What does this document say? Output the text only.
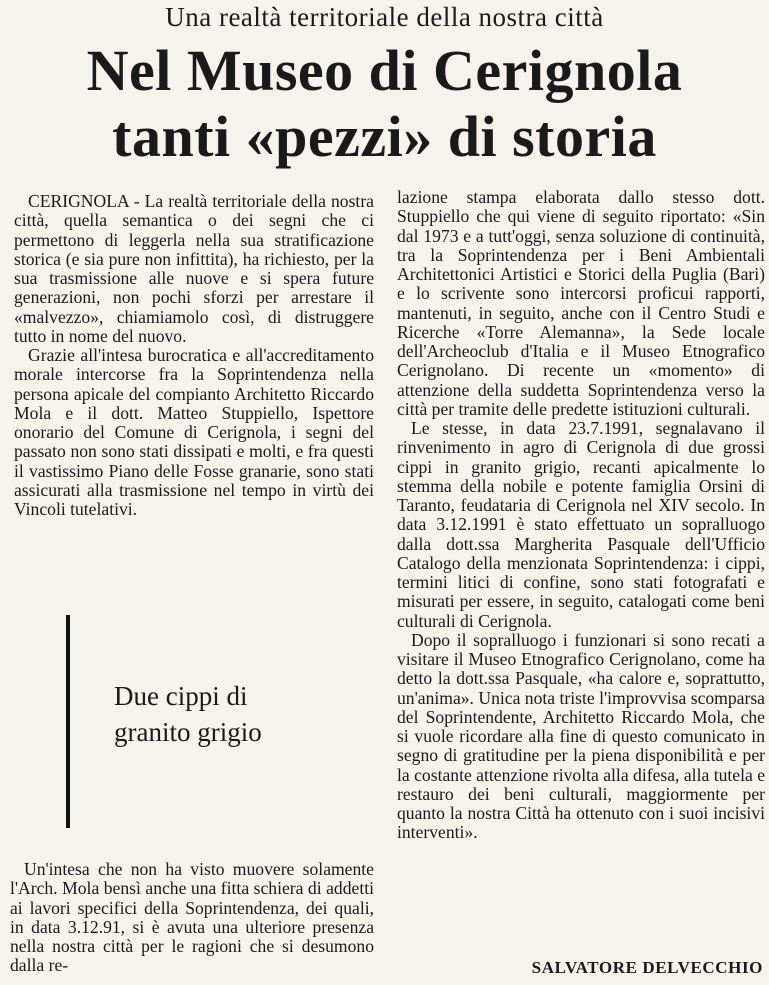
Una realtà territoriale della nostra città
Nel Museo di Cerignola
tanti «pezzi» di storia

CERIGNOLA - La realtà territoriale della nostra città, quella semantica o dei segni che ci permettono di leggerla nella sua stratificazione storica (e sia pure non infittita), ha richiesto, per la sua trasmissione alle nuove e si spera future generazioni, non pochi sforzi per arrestare il «malvezzo», chiamiamolo così, di distruggere tutto in nome del nuovo.

Grazie all'intesa burocratica e all'accreditamento morale intercorse fra la Soprintendenza nella persona apicale del compianto Architetto Riccardo Mola e il dott. Matteo Stuppiello, Ispettore onorario del Comune di Cerignola, i segni del passato non sono stati dissipati e molti, e fra questi il vastissimo Piano delle Fosse granarie, sono stati assicurati alla trasmissione nel tempo in virtù dei Vincoli tutelativi.

Due cippi di
granito grigio

Un'intesa che non ha visto muovere solamente l'Arch. Mola bensì anche una fitta schiera di addetti ai lavori specifici della Soprintendenza, dei quali, in data 3.12.91, si è avuta una ulteriore presenza nella nostra città per le ragioni che si desumono dalla re-

lazione stampa elaborata dallo stesso dott. Stuppiello che qui viene di seguito riportato: «Sin dal 1973 e a tutt'oggi, senza soluzione di continuità, tra la Soprintendenza per i Beni Ambientali Architettonici Artistici e Storici della Puglia (Bari) e lo scrivente sono intercorsi proficui rapporti, mantenuti, in seguito, anche con il Centro Studi e Ricerche «Torre Alemanna», la Sede locale dell'Archeoclub d'Italia e il Museo Etnografico Cerignolano. Di recente un «momento» di attenzione della suddetta Soprintendenza verso la città per tramite delle predette istituzioni culturali.

Le stesse, in data 23.7.1991, segnalavano il rinvenimento in agro di Cerignola di due grossi cippi in granito grigio, recanti apicalmente lo stemma della nobile e potente famiglia Orsini di Taranto, feudataria di Cerignola nel XIV secolo. In data 3.12.1991 è stato effettuato un sopralluogo dalla dott.ssa Margherita Pasquale dell'Ufficio Catalogo della menzionata Soprintendenza: i cippi, termini litici di confine, sono stati fotografati e misurati per essere, in seguito, catalogati come beni culturali di Cerignola.

Dopo il sopralluogo i funzionari si sono recati a visitare il Museo Etnografico Cerignolano, come ha detto la dott.ssa Pasquale, «ha calore e, soprattutto, un'anima». Unica nota triste l'improvvisa scomparsa del Soprintendente, Architetto Riccardo Mola, che si vuole ricordare alla fine di questo comunicato in segno di gratitudine per la piena disponibilità e per la costante attenzione rivolta alla difesa, alla tutela e restauro dei beni culturali, maggiormente per quanto la nostra Città ha ottenuto con i suoi incisivi interventi».

SALVATORE DELVECCHIO
